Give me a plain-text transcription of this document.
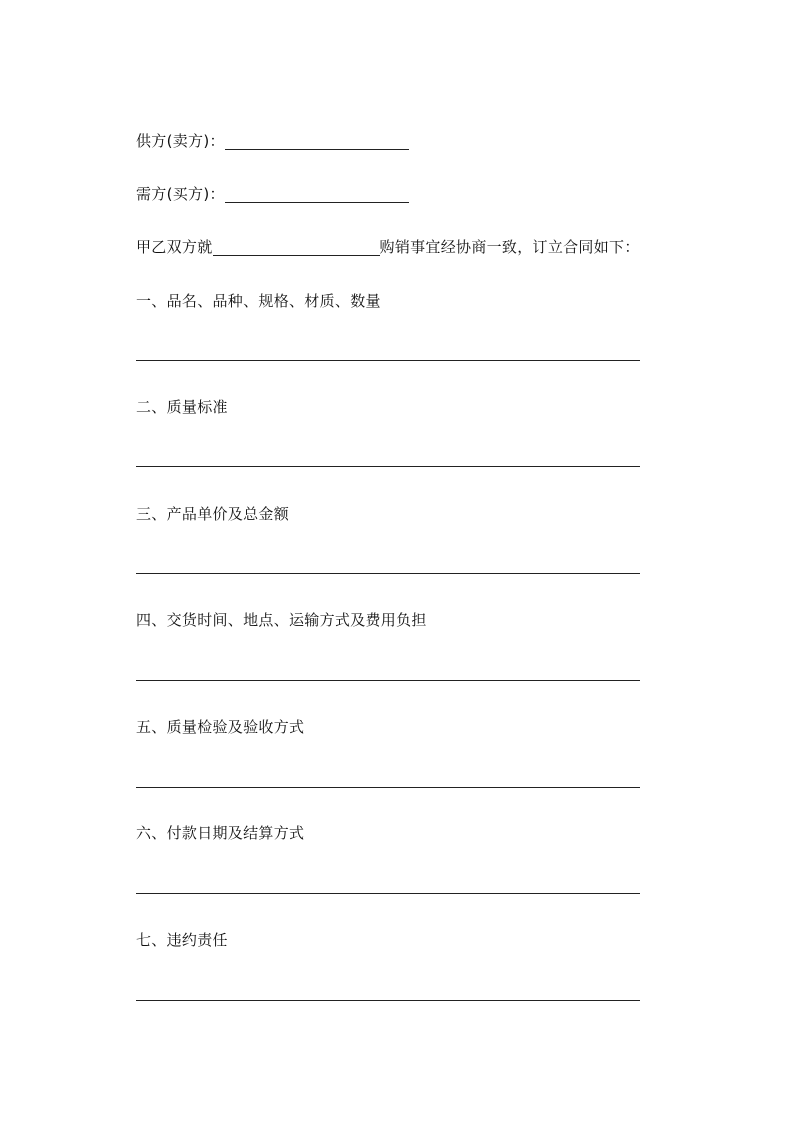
供方(卖方)：
需方(买方)：
甲乙双方就	购销事宜经协商一致，订立合同如下：
一、品名、品种、规格、材质、数量
二、质量标准
三、产品单价及总金额
四、交货时间、地点、运输方式及费用负担
五、质量检验及验收方式
六、付款日期及结算方式
七、违约责任
